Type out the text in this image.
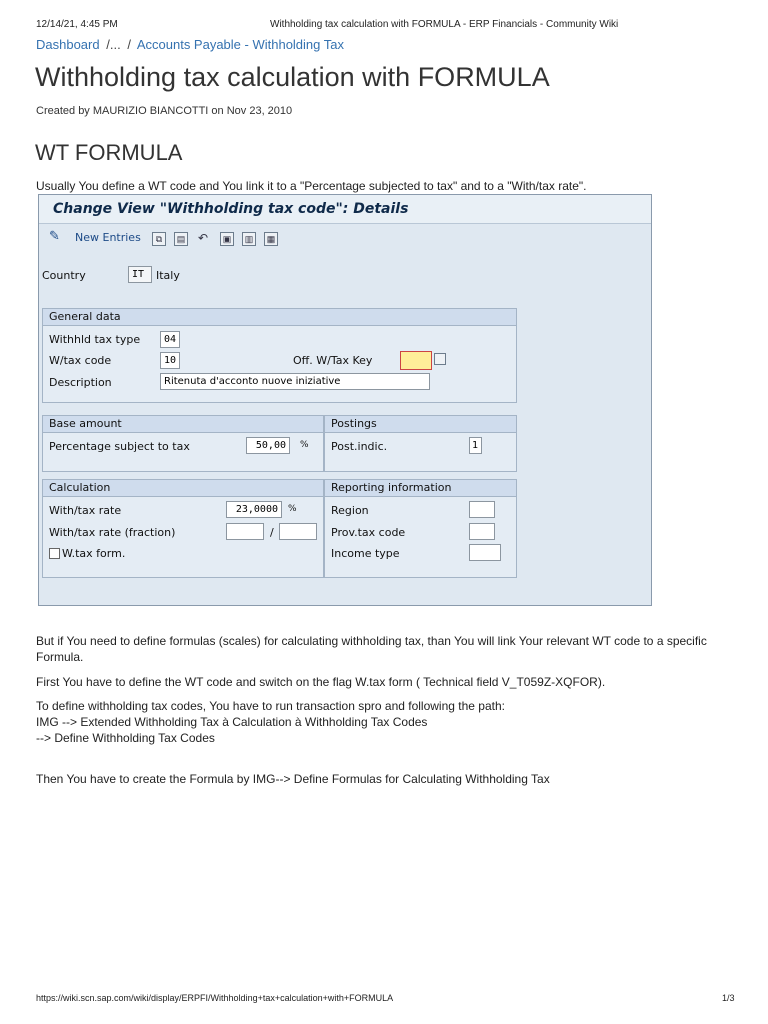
12/14/21, 4:45 PM	Withholding tax calculation with FORMULA - ERP Financials - Community Wiki
Dashboard /... / Accounts Payable - Withholding Tax
Withholding tax calculation with FORMULA
Created by MAURIZIO BIANCOTTI on Nov 23, 2010
WT FORMULA
Usually You define a WT code and You link it to a "Percentage subjected to tax" and to a "With/tax rate".
Change View "Withholding tax code": Details
✎ New Entries	⧉	▤ ↶	▣	▥	▦
Country	IT	Italy
General data
Withhld tax type	04
W/tax code	10	Off. W/Tax Key
Description	Ritenuta d'acconto nuove iniziative
Base amount
Percentage subject to tax	50,00	%
Postings
Post.indic.	1
Calculation
With/tax rate	23,0000	%
With/tax rate (fraction)	/
W.tax form.
Reporting information
Region
Prov.tax code
Income type
But if You need to define formulas (scales) for calculating withholding tax, than You will link Your relevant WT code to a specific Formula.
First You have to define the WT code and switch on the flag W.tax form ( Technical field V_T059Z-XQFOR).
To define withholding tax codes, You have to run transaction spro and following the path:
IMG --> Extended Withholding Tax à Calculation à Withholding Tax Codes
--> Define Withholding Tax Codes
Then You have to create the Formula by IMG--> Define Formulas for Calculating Withholding Tax
https://wiki.scn.sap.com/wiki/display/ERPFI/Withholding+tax+calculation+with+FORMULA	1/3
